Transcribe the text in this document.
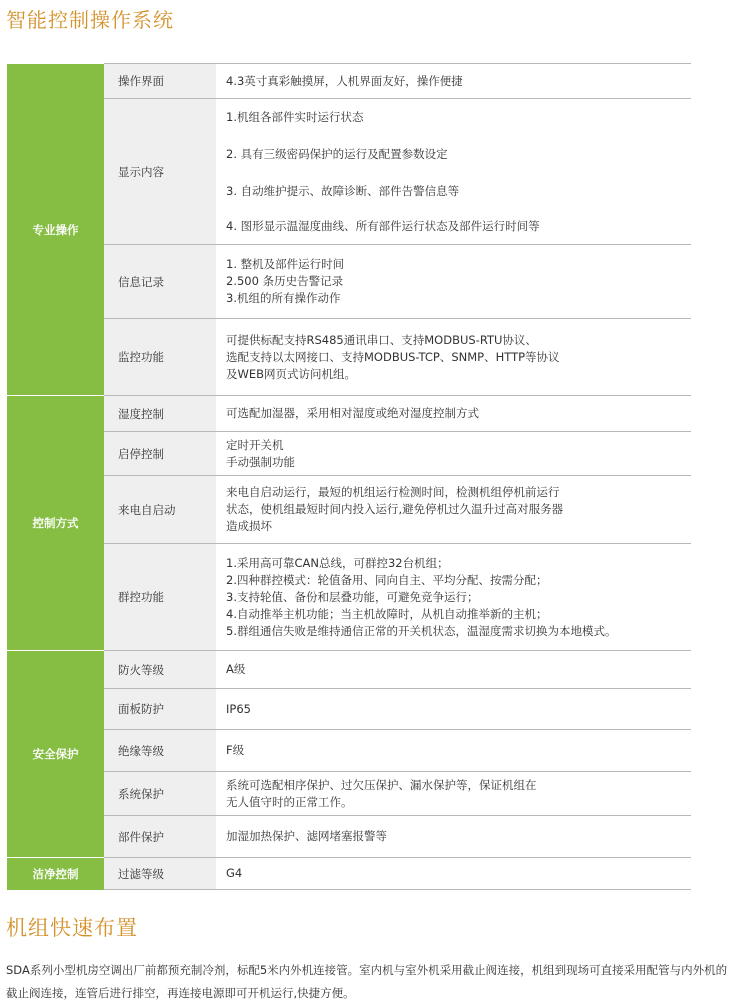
智能控制操作系统
专业操作	操作界面	4.3英寸真彩触摸屏，人机界面友好，操作便捷

	显示内容	1.机组各部件实时运行状态

		2. 具有三级密码保护的运行及配置参数设定

		3. 自动维护提示、故障诊断、部件告警信息等

		4. 图形显示温湿度曲线、所有部件运行状态及部件运行时间等

	信息记录	1. 整机及部件运行时间
2.500 条历史告警记录
3.机组的所有操作动作

	监控功能	可提供标配支持RS485通讯串口、支持MODBUS-RTU协议、
选配支持以太网接口、支持MODBUS-TCP、SNMP、HTTP等协议
及WEB网页式访问机组。

控制方式	湿度控制	可选配加湿器，采用相对湿度或绝对湿度控制方式

	启停控制	定时开关机
手动强制功能

	来电自启动	来电自启动运行，最短的机组运行检测时间，检测机组停机前运行
状态，使机组最短时间内投入运行,避免停机过久温升过高对服务器
造成损坏

	群控功能	1.采用高可靠CAN总线，可群控32台机组；
2.四种群控模式：轮值备用、同向自主、平均分配、按需分配；
3.支持轮值、备份和层叠功能，可避免竞争运行；
4.自动推举主机功能；当主机故障时，从机自动推举新的主机；
5.群组通信失败是维持通信正常的开关机状态，温湿度需求切换为本地模式。

安全保护	防火等级	A级

	面板防护	IP65

	绝缘等级	F级

	系统保护	系统可选配相序保护、过欠压保护、漏水保护等，保证机组在
无人值守时的正常工作。

	部件保护	加湿加热保护、滤网堵塞报警等

洁净控制	过滤等级	G4
机组快速布置

SDA系列小型机房空调出厂前都预充制冷剂，标配5米内外机连接管。室内机与室外机采用截止阀连接，机组到现场可直接采用配管与内外机的截止阀连接，连管后进行排空，再连接电源即可开机运行,快捷方便。
